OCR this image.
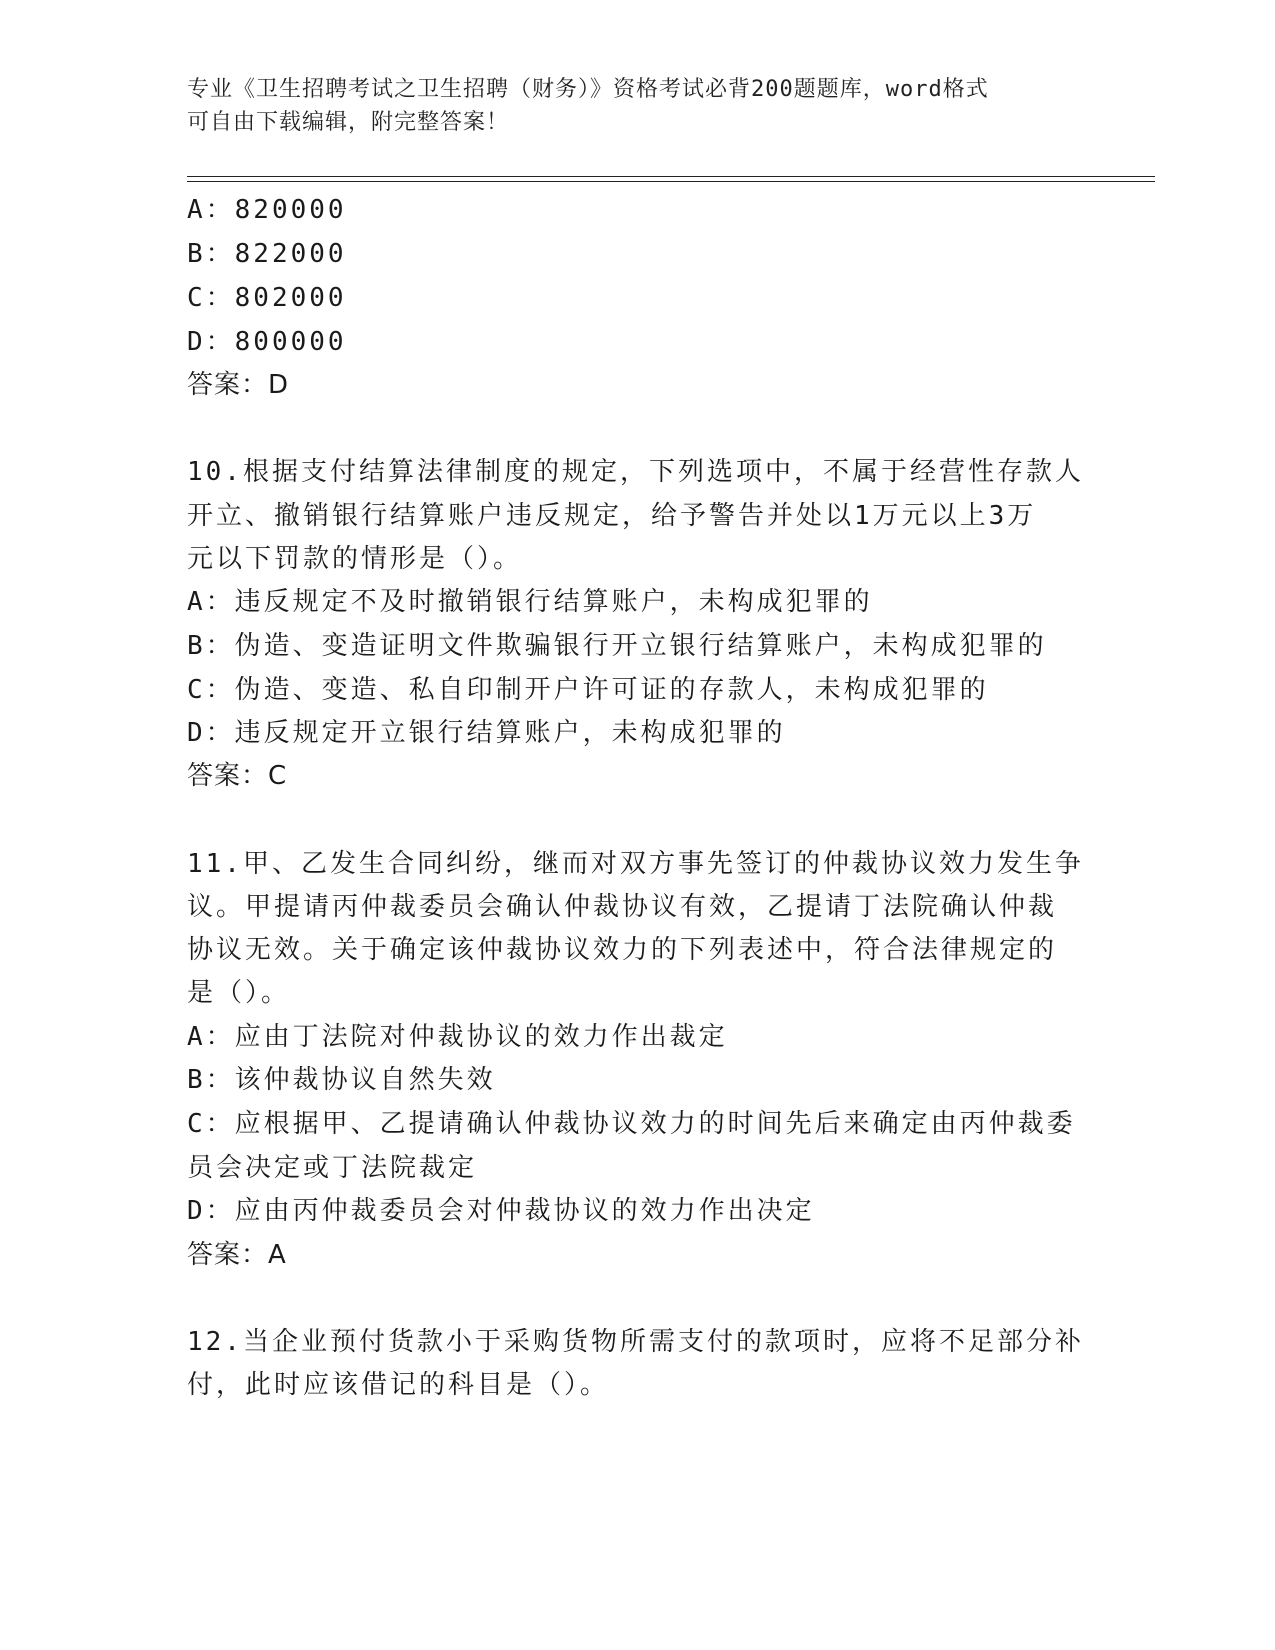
专业《卫生招聘考试之卫生招聘（财务）》资格考试必背200题题库，word格式
可自由下载编辑，附完整答案！
A：820000
B：822000
C：802000
D：800000
答案：D
10.根据支付结算法律制度的规定，下列选项中，不属于经营性存款人
开立、撤销银行结算账户违反规定，给予警告并处以1万元以上3万
元以下罚款的情形是（）。
A：违反规定不及时撤销银行结算账户，未构成犯罪的
B：伪造、变造证明文件欺骗银行开立银行结算账户，未构成犯罪的
C：伪造、变造、私自印制开户许可证的存款人，未构成犯罪的
D：违反规定开立银行结算账户，未构成犯罪的
答案：C
11.甲、乙发生合同纠纷，继而对双方事先签订的仲裁协议效力发生争
议。甲提请丙仲裁委员会确认仲裁协议有效，乙提请丁法院确认仲裁
协议无效。关于确定该仲裁协议效力的下列表述中，符合法律规定的
是（）。
A：应由丁法院对仲裁协议的效力作出裁定
B：该仲裁协议自然失效
C：应根据甲、乙提请确认仲裁协议效力的时间先后来确定由丙仲裁委
员会决定或丁法院裁定
D：应由丙仲裁委员会对仲裁协议的效力作出决定
答案：A
12.当企业预付货款小于采购货物所需支付的款项时，应将不足部分补
付，此时应该借记的科目是（）。
